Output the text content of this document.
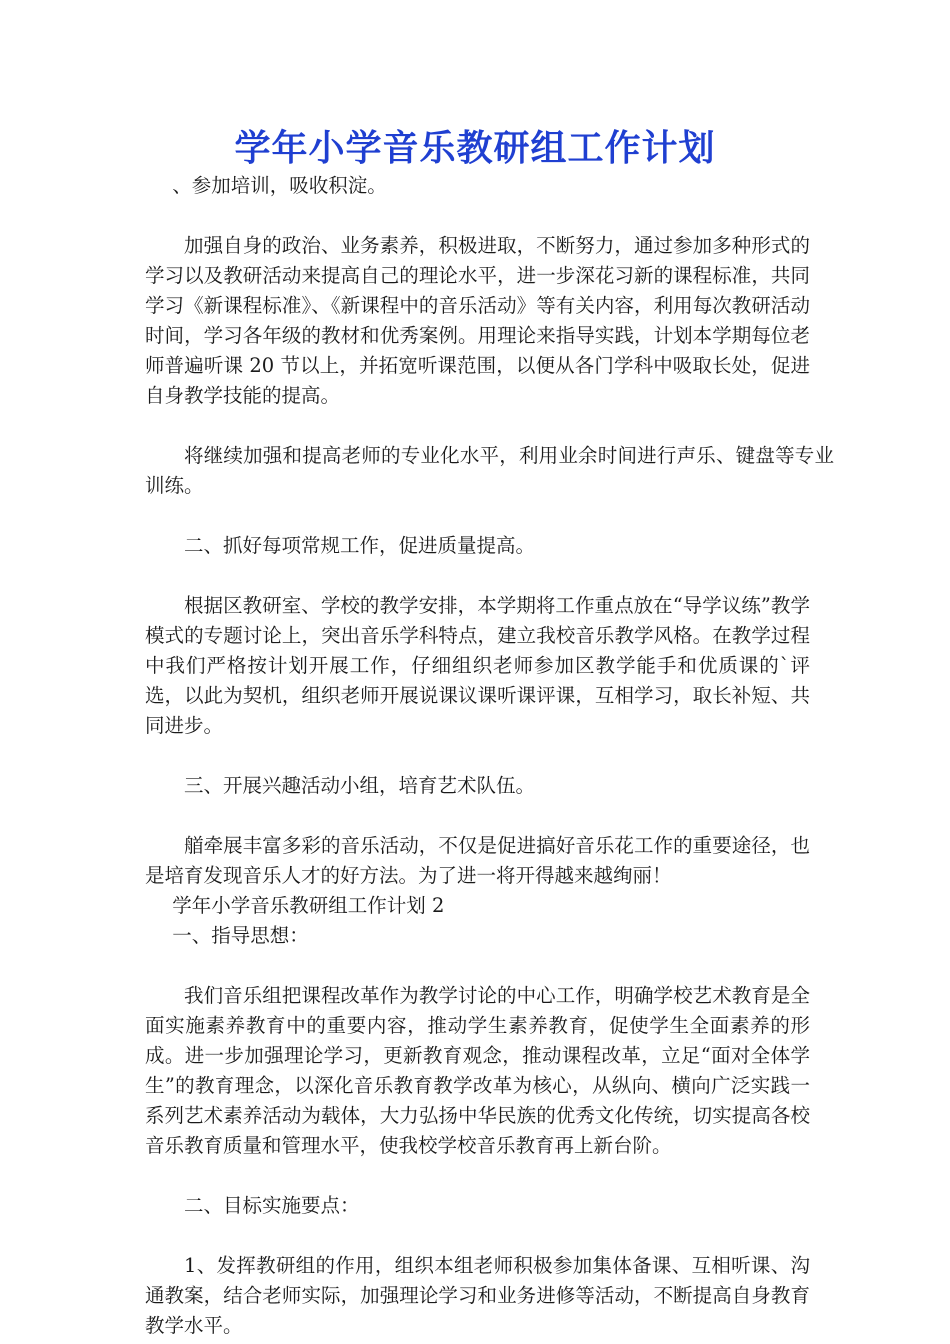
学年小学音乐教研组工作计划

、参加培训，吸收积淀。

加强自身的政治、业务素养，积极进取，不断努力，通过参加多种形式的学习以及教研活动来提高自己的理论水平，进一步深花习新的课程标准，共同学习《新课程标准》、《新课程中的音乐活动》等有关内容，利用每次教研活动时间，学习各年级的教材和优秀案例。用理论来指导实践，计划本学期每位老师普遍听课 20 节以上，并拓宽听课范围，以便从各门学科中吸取长处，促进自身教学技能的提高。

将继续加强和提高老师的专业化水平，利用业余时间进行声乐、键盘等专业训练。

二、抓好每项常规工作，促进质量提高。

根据区教研室、学校的教学安排，本学期将工作重点放在“导学议练”教学模式的专题讨论上，突出音乐学科特点，建立我校音乐教学风格。在教学过程中我们严格按计划开展工作，仔细组织老师参加区教学能手和优质课的`评选，以此为契机，组织老师开展说课议课听课评课，互相学习，取长补短、共同进步。

三、开展兴趣活动小组，培育艺术队伍。

艏牵展丰富多彩的音乐活动，不仅是促进搞好音乐花工作的重要途径，也是培育发现音乐人才的好方法。为了进一将开得越来越绚丽！

学年小学音乐教研组工作计划 2

一、指导思想：

我们音乐组把课程改革作为教学讨论的中心工作，明确学校艺术教育是全面实施素养教育中的重要内容，推动学生素养教育，促使学生全面素养的形成。进一步加强理论学习，更新教育观念，推动课程改革，立足“面对全体学生”的教育理念，以深化音乐教育教学改革为核心，从纵向、横向广泛实践一系列艺术素养活动为载体，大力弘扬中华民族的优秀文化传统，切实提高各校音乐教育质量和管理水平，使我校学校音乐教育再上新台阶。

二、目标实施要点：

1、发挥教研组的作用，组织本组老师积极参加集体备课、互相听课、沟通教案，结合老师实际，加强理论学习和业务进修等活动，不断提高自身教育教学水平。
